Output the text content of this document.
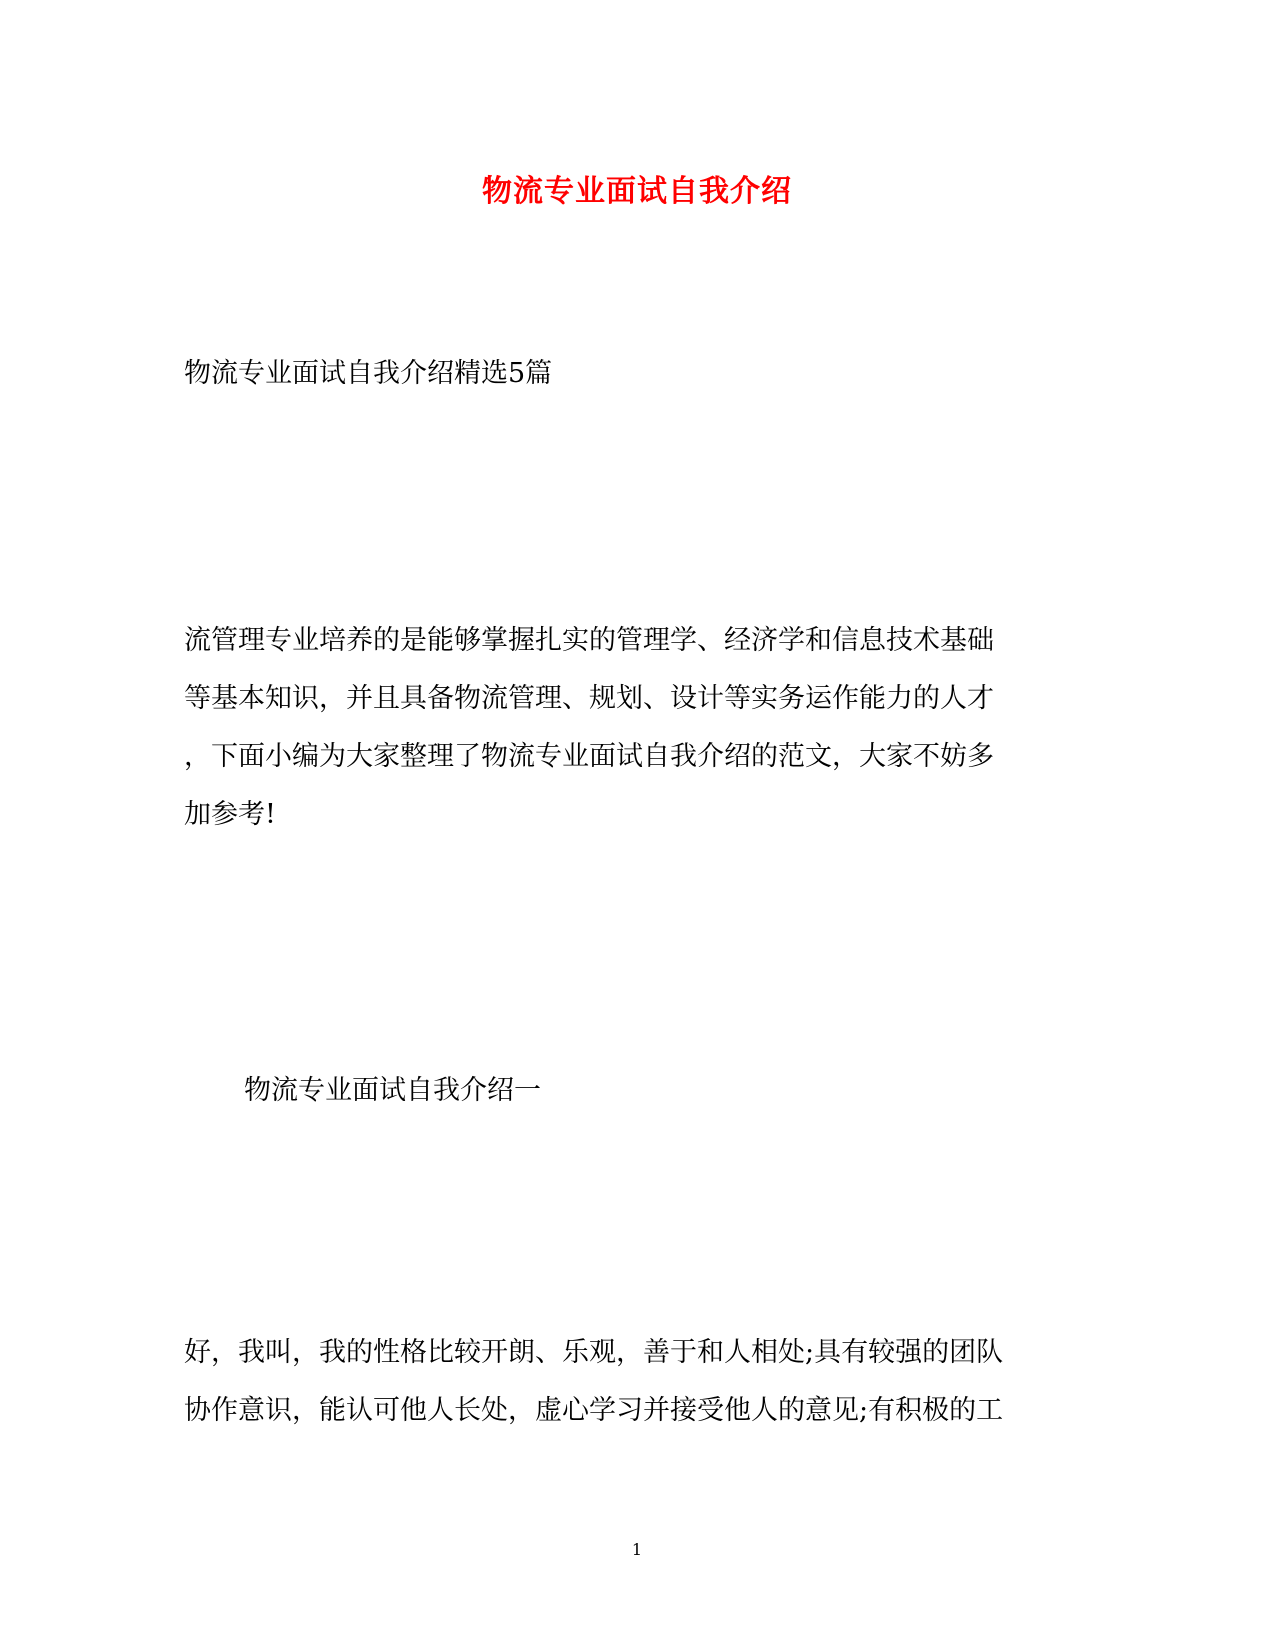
物流专业面试自我介绍
物流专业面试自我介绍精选5篇
流管理专业培养的是能够掌握扎实的管理学、经济学和信息技术基础
等基本知识，并且具备物流管理、规划、设计等实务运作能力的人才
，下面小编为大家整理了物流专业面试自我介绍的范文，大家不妨多
加参考!
物流专业面试自我介绍一
好，我叫，我的性格比较开朗、乐观，善于和人相处;具有较强的团队
协作意识，能认可他人长处，虚心学习并接受他人的意见;有积极的工
1
